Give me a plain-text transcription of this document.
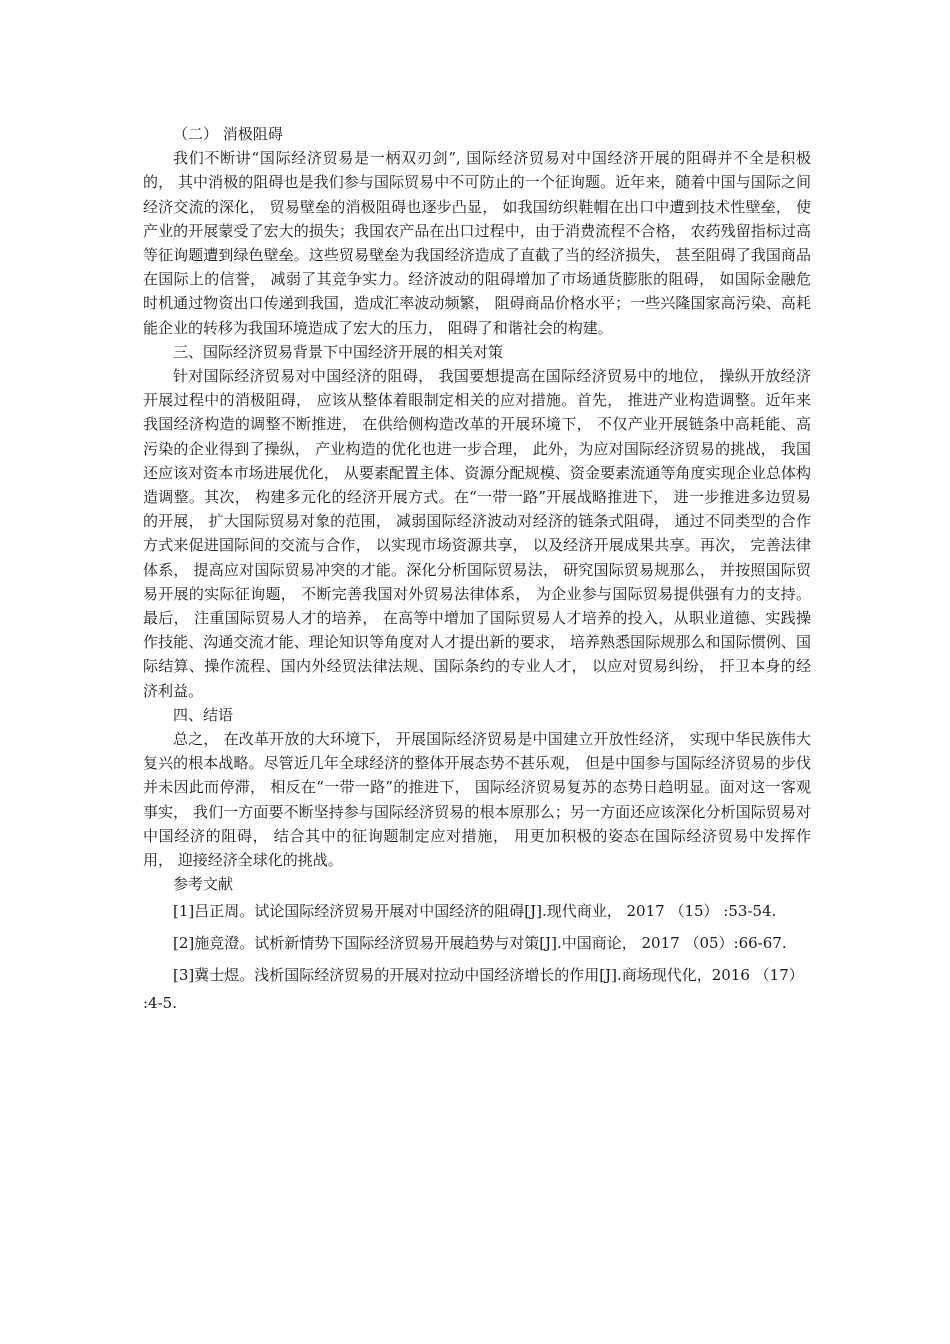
（二） 消极阻碍

我们不断讲“国际经济贸易是一柄双刃剑”, 国际经济贸易对中国经济开展的阻碍并不全是积极的， 其中消极的阻碍也是我们参与国际贸易中不可防止的一个征询题。近年来，随着中国与国际之间经济交流的深化， 贸易壁垒的消极阻碍也逐步凸显， 如我国纺织鞋帽在出口中遭到技术性壁垒， 使产业的开展蒙受了宏大的损失；我国农产品在出口过程中，由于消费流程不合格， 农药残留指标过高等征询题遭到绿色壁垒。这些贸易壁垒为我国经济造成了直截了当的经济损失， 甚至阻碍了我国商品在国际上的信誉， 减弱了其竞争实力。经济波动的阻碍增加了市场通货膨胀的阻碍， 如国际金融危时机通过物资出口传递到我国，造成汇率波动频繁， 阻碍商品价格水平；一些兴隆国家高污染、高耗能企业的转移为我国环境造成了宏大的压力， 阻碍了和谐社会的构建。

三、国际经济贸易背景下中国经济开展的相关对策

针对国际经济贸易对中国经济的阻碍， 我国要想提高在国际经济贸易中的地位， 操纵开放经济开展过程中的消极阻碍， 应该从整体着眼制定相关的应对措施。首先， 推进产业构造调整。近年来我国经济构造的调整不断推进， 在供给侧构造改革的开展环境下， 不仅产业开展链条中高耗能、高污染的企业得到了操纵， 产业构造的优化也进一步合理， 此外，为应对国际经济贸易的挑战， 我国还应该对资本市场进展优化， 从要素配置主体、资源分配规模、资金要素流通等角度实现企业总体构造调整。其次， 构建多元化的经济开展方式。在“一带一路”开展战略推进下， 进一步推进多边贸易的开展， 扩大国际贸易对象的范围， 减弱国际经济波动对经济的链条式阻碍， 通过不同类型的合作方式来促进国际间的交流与合作， 以实现市场资源共享， 以及经济开展成果共享。再次， 完善法律体系， 提高应对国际贸易冲突的才能。深化分析国际贸易法， 研究国际贸易规那么， 并按照国际贸易开展的实际征询题， 不断完善我国对外贸易法律体系， 为企业参与国际贸易提供强有力的支持。最后， 注重国际贸易人才的培养， 在高等中增加了国际贸易人才培养的投入，从职业道德、实践操作技能、沟通交流才能、理论知识等角度对人才提出新的要求， 培养熟悉国际规那么和国际惯例、国际结算、操作流程、国内外经贸法律法规、国际条约的专业人才， 以应对贸易纠纷， 扞卫本身的经济利益。

四、结语

总之， 在改革开放的大环境下， 开展国际经济贸易是中国建立开放性经济， 实现中华民族伟大复兴的根本战略。尽管近几年全球经济的整体开展态势不甚乐观， 但是中国参与国际经济贸易的步伐并未因此而停滞， 相反在“一带一路”的推进下， 国际经济贸易复苏的态势日趋明显。面对这一客观事实， 我们一方面要不断坚持参与国际经济贸易的根本原那么；另一方面还应该深化分析国际贸易对中国经济的阻碍， 结合其中的征询题制定应对措施， 用更加积极的姿态在国际经济贸易中发挥作用， 迎接经济全球化的挑战。

参考文献

[1]吕正周。试论国际经济贸易开展对中国经济的阻碍[J].现代商业， 2017 （15） :53-54.

[2]施竞澄。试析新情势下国际经济贸易开展趋势与对策[J].中国商论， 2017 （05）:66-67.

[3]冀士煜。浅析国际经济贸易的开展对拉动中国经济增长的作用[J].商场现代化，2016 （17） :4-5.
